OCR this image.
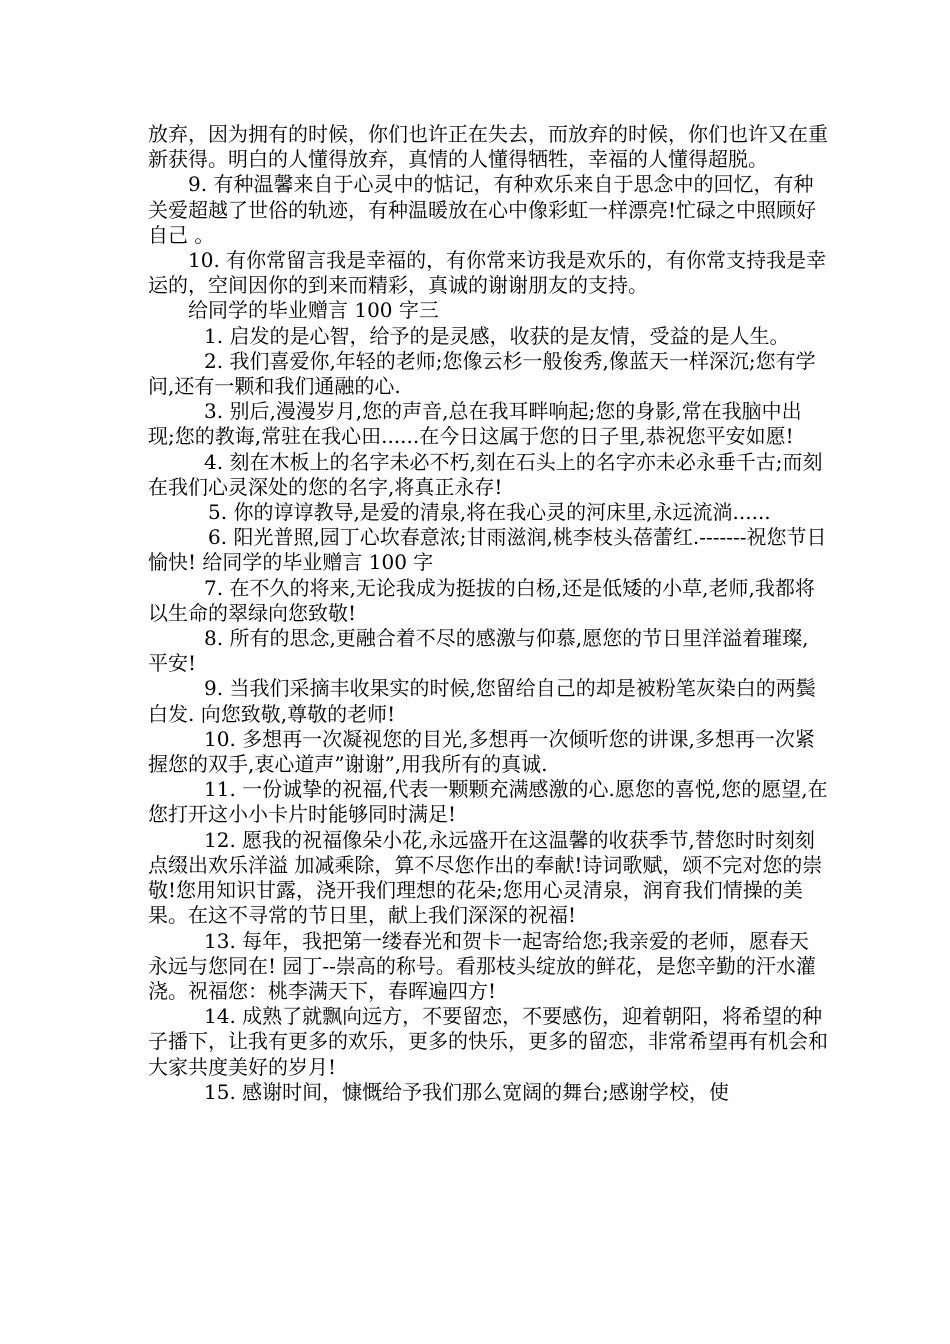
放弃，因为拥有的时候，你们也许正在失去，而放弃的时候，你们也许又在重新获得。明白的人懂得放弃，真情的人懂得牺牲，幸福的人懂得超脱。

9. 有种温馨来自于心灵中的惦记，有种欢乐来自于思念中的回忆，有种关爱超越了世俗的轨迹，有种温暖放在心中像彩虹一样漂亮!忙碌之中照顾好自己 。

10. 有你常留言我是幸福的，有你常来访我是欢乐的，有你常支持我是幸运的，空间因你的到来而精彩，真诚的谢谢朋友的支持。

给同学的毕业赠言 100 字三

1. 启发的是心智，给予的是灵感，收获的是友情，受益的是人生。

2. 我们喜爱你,年轻的老师;您像云杉一般俊秀,像蓝天一样深沉;您有学问,还有一颗和我们通融的心.

3. 别后,漫漫岁月,您的声音,总在我耳畔响起;您的身影,常在我脑中出现;您的教诲,常驻在我心田......在今日这属于您的日子里,恭祝您平安如愿!

4. 刻在木板上的名字未必不朽,刻在石头上的名字亦未必永垂千古;而刻在我们心灵深处的您的名字,将真正永存!

5. 你的谆谆教导,是爱的清泉,将在我心灵的河床里,永远流淌......

6. 阳光普照,园丁心坎春意浓;甘雨滋润,桃李枝头蓓蕾红.-------祝您节日愉快! 给同学的毕业赠言 100 字

7. 在不久的将来,无论我成为挺拔的白杨,还是低矮的小草,老师,我都将以生命的翠绿向您致敬!

8. 所有的思念,更融合着不尽的感激与仰慕,愿您的节日里洋溢着璀璨,平安!

9. 当我们采摘丰收果实的时候,您留给自己的却是被粉笔灰染白的两鬓白发. 向您致敬,尊敬的老师!

10. 多想再一次凝视您的目光,多想再一次倾听您的讲课,多想再一次紧握您的双手,衷心道声”谢谢”,用我所有的真诚.

11. 一份诚挚的祝福,代表一颗颗充满感激的心.愿您的喜悦,您的愿望,在您打开这小小卡片时能够同时满足!

12. 愿我的祝福像朵小花,永远盛开在这温馨的收获季节,替您时时刻刻点缀出欢乐洋溢 加减乘除，算不尽您作出的奉献!诗词歌赋，颂不完对您的崇敬!您用知识甘露，浇开我们理想的花朵;您用心灵清泉，润育我们情操的美果。在这不寻常的节日里，献上我们深深的祝福!

13. 每年，我把第一缕春光和贺卡一起寄给您;我亲爱的老师，愿春天永远与您同在! 园丁--崇高的称号。看那枝头绽放的鲜花，是您辛勤的汗水灌浇。祝福您：桃李满天下，春晖遍四方!

14. 成熟了就飘向远方，不要留恋，不要感伤，迎着朝阳，将希望的种子播下，让我有更多的欢乐，更多的快乐，更多的留恋，非常希望再有机会和大家共度美好的岁月!

15. 感谢时间，慷慨给予我们那么宽阔的舞台;感谢学校，使
